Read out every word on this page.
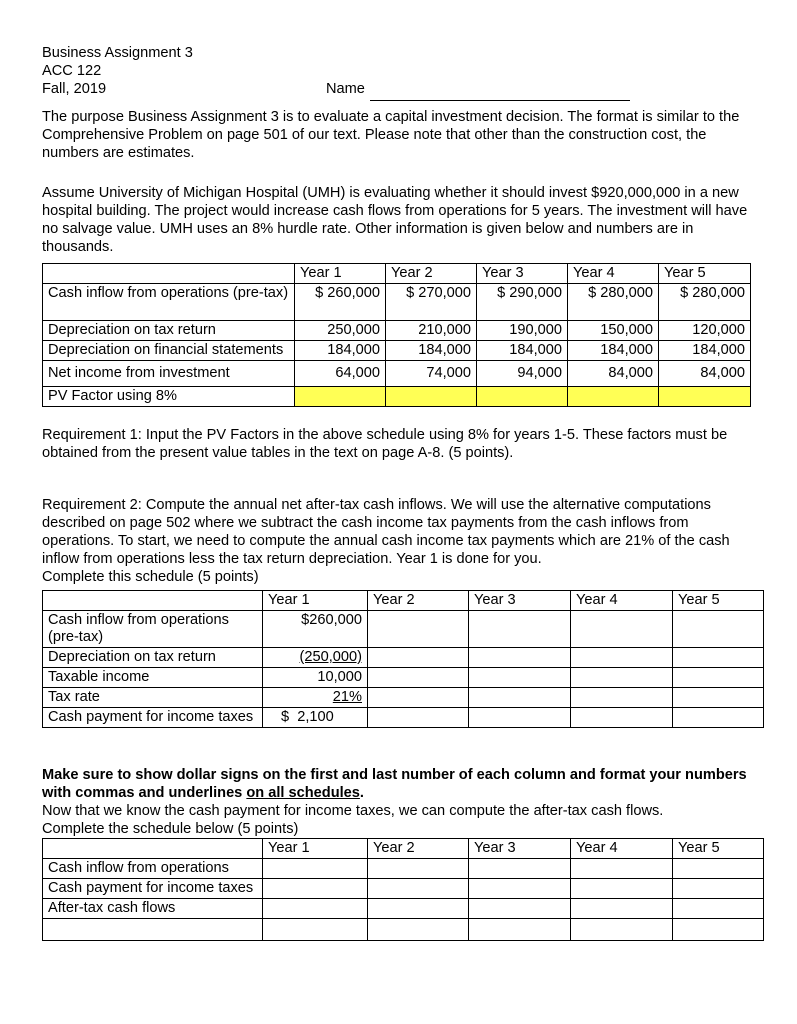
Business Assignment 3
ACC 122
Fall, 2019	Name

The purpose Business Assignment 3 is to evaluate a capital investment decision. The format is similar to the Comprehensive Problem on page 501 of our text. Please note that other than the construction cost, the numbers are estimates.

Assume University of Michigan Hospital (UMH) is evaluating whether it should invest $920,000,000 in a new hospital building. The project would increase cash flows from operations for 5 years. The investment will have no salvage value. UMH uses an 8% hurdle rate. Other information is given below and numbers are in thousands.

	Year 1	Year 2	Year 3	Year 4	Year 5
Cash inflow from operations (pre-tax)	$ 260,000	$ 270,000	$ 290,000	$ 280,000	$ 280,000
Depreciation on tax return	250,000	210,000	190,000	150,000	120,000
Depreciation on financial statements	184,000	184,000	184,000	184,000	184,000
Net income from investment	64,000	74,000	94,000	84,000	84,000
PV Factor using 8%					

Requirement 1: Input the PV Factors in the above schedule using 8% for years 1-5. These factors must be obtained from the present value tables in the text on page A-8. (5 points).

Requirement 2: Compute the annual net after-tax cash inflows. We will use the alternative computations described on page 502 where we subtract the cash income tax payments from the cash inflows from operations. To start, we need to compute the annual cash income tax payments which are 21% of the cash inflow from operations less the tax return depreciation. Year 1 is done for you.

Complete this schedule (5 points)

	Year 1	Year 2	Year 3	Year 4	Year 5
Cash inflow from operations (pre-tax)	$260,000				
Depreciation on tax return	(250,000)				
Taxable income	10,000				
Tax rate	21%				
Cash payment for income taxes	$  2,100				

Make sure to show dollar signs on the first and last number of each column and format your numbers with commas and underlines on all schedules.

Now that we know the cash payment for income taxes, we can compute the after-tax cash flows.

Complete the schedule below (5 points)

	Year 1	Year 2	Year 3	Year 4	Year 5
Cash inflow from operations					
Cash payment for income taxes					
After-tax cash flows					
